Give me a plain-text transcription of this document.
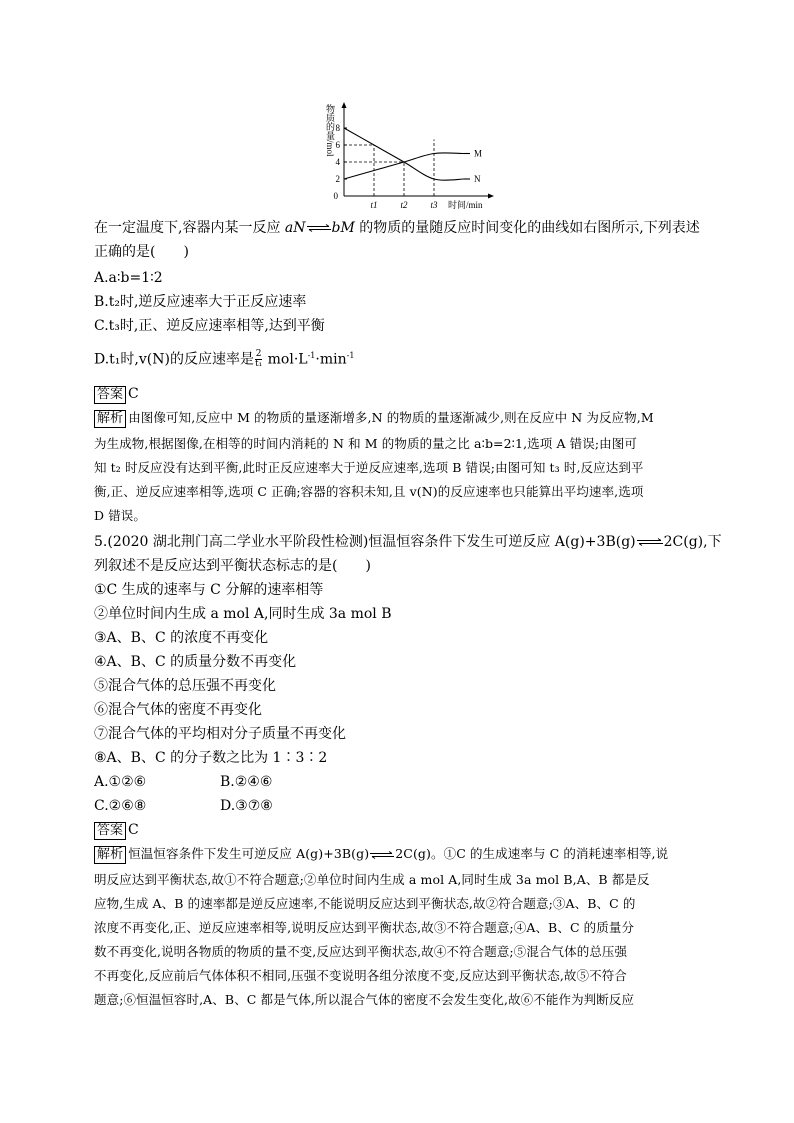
2
4
6
8
0
物质的量/mol
t1	t2	t3
M
N
时间/min
在一定温度下,容器内某一反应 aN⇌bM 的物质的量随反应时间变化的曲线如右图所示,下列表述
正确的是(　　)
A.a∶b=1∶2
B.t₂时,逆反应速率大于正反应速率
C.t₃时,正、逆反应速率相等,达到平衡
D.t₁时,v(N)的反应速率是 $\frac{2}{\text{t₁}} mol\cdot L^{-1}\cdot\min^{-1}$
答案 C
解析 由图像可知,反应中 M 的物质的量逐渐增多,N 的物质的量逐渐减少,则在反应中 N 为反应物,M
为生成物,根据图像,在相等的时间内消耗的 N 和 M 的物质的量之比 a∶b=2∶1,选项 A 错误;由图可
知 t₂ 时反应没有达到平衡,此时正反应速率大于逆反应速率,选项 B 错误;由图可知 t₃ 时,反应达到平
衡,正、逆反应速率相等,选项 C 正确;容器的容积未知,且 v(N)的反应速率也只能算出平均速率,选项
D 错误。
5.(2020 湖北荆门高二学业水平阶段性检测)恒温恒容条件下发生可逆反应 A(g)+3B(g)⇌2C(g),下
列叙述不是反应达到平衡状态标志的是(　　)
①C 生成的速率与 C 分解的速率相等
②单位时间内生成 a mol A,同时生成 3a mol B
③A、B、C 的浓度不再变化
④A、B、C 的质量分数不再变化
⑤混合气体的总压强不再变化
⑥混合气体的密度不再变化
⑦混合气体的平均相对分子质量不再变化
⑧A、B、C 的分子数之比为 1∶3∶2
A.①②⑥	B.②④⑥
C.②⑥⑧	D.③⑦⑧
答案 C
解析 恒温恒容条件下发生可逆反应 A(g)+3B(g)⇌2C(g)。①C 的生成速率与 C 的消耗速率相等,说
明反应达到平衡状态,故①不符合题意;②单位时间内生成 a mol A,同时生成 3a mol B,A、B 都是反
应物,生成 A、B 的速率都是逆反应速率,不能说明反应达到平衡状态,故②符合题意;③A、B、C 的
浓度不再变化,正、逆反应速率相等,说明反应达到平衡状态,故③不符合题意;④A、B、C 的质量分
数不再变化,说明各物质的物质的量不变,反应达到平衡状态,故④不符合题意;⑤混合气体的总压强
不再变化,反应前后气体体积不相同,压强不变说明各组分浓度不变,反应达到平衡状态,故⑤不符合
题意;⑥恒温恒容时,A、B、C 都是气体,所以混合气体的密度不会发生变化,故⑥不能作为判断反应
